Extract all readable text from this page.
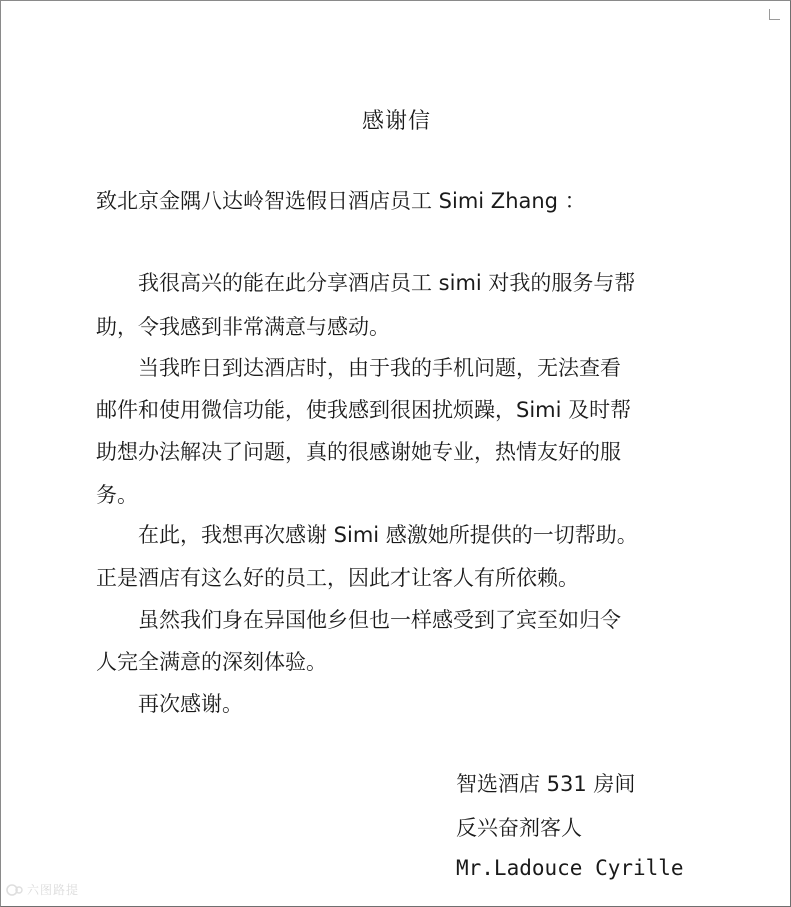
感谢信
致北京金隅八达岭智选假日酒店员工 Simi Zhang ：
我很高兴的能在此分享酒店员工 simi 对我的服务与帮
助，令我感到非常满意与感动。
当我昨日到达酒店时，由于我的手机问题，无法查看
邮件和使用微信功能，使我感到很困扰烦躁，Simi 及时帮
助想办法解决了问题，真的很感谢她专业，热情友好的服
务。
在此，我想再次感谢 Simi 感激她所提供的一切帮助。
正是酒店有这么好的员工，因此才让客人有所依赖。
虽然我们身在异国他乡但也一样感受到了宾至如归令
人完全满意的深刻体验。
再次感谢。
智选酒店 531 房间
反兴奋剂客人
Mr.Ladouce Cyrille
六图路提
